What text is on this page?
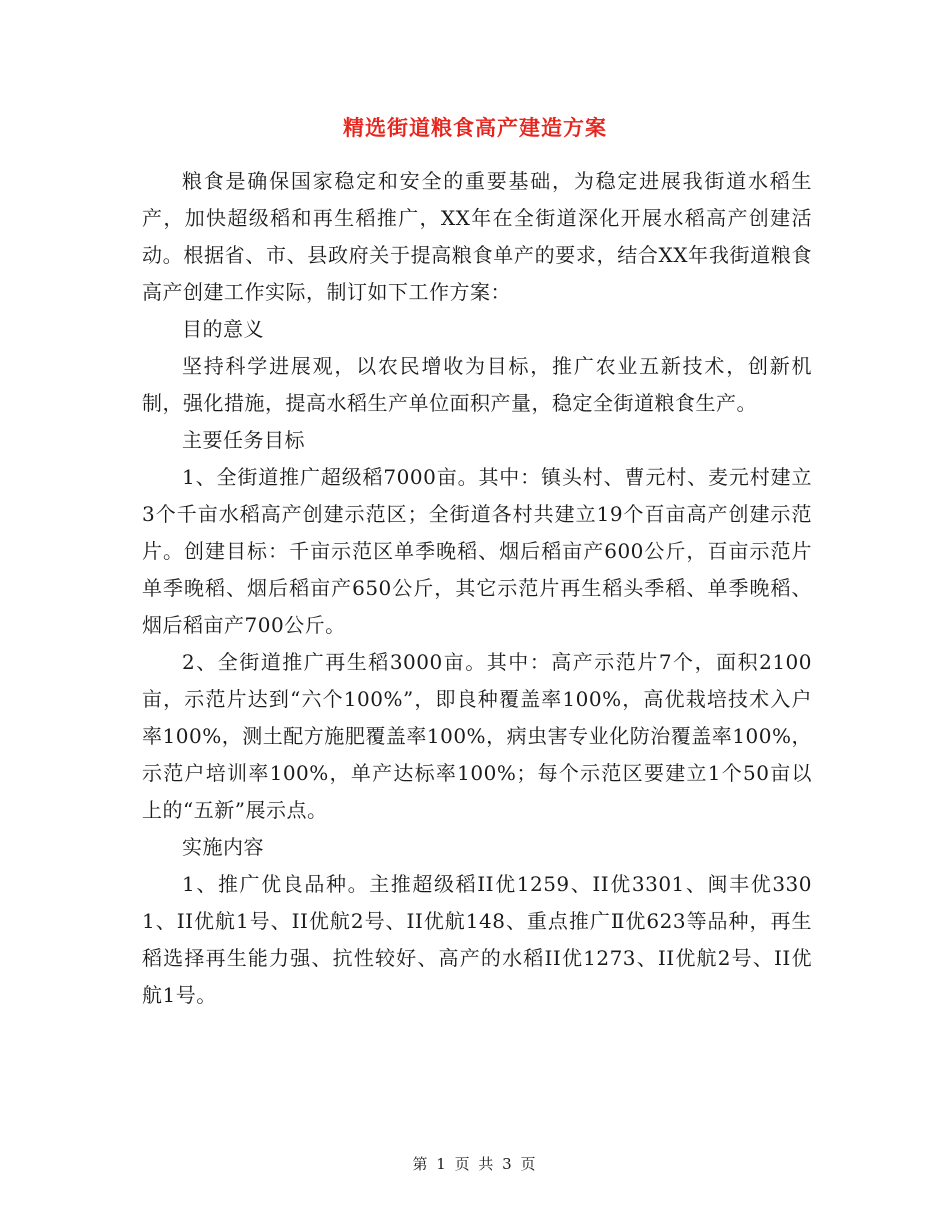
精选街道粮食高产建造方案

粮食是确保国家稳定和安全的重要基础，为稳定进展我街道水稻生产，加快超级稻和再生稻推广，XX年在全街道深化开展水稻高产创建活动。根据省、市、县政府关于提高粮食单产的要求，结合XX年我街道粮食高产创建工作实际，制订如下工作方案：

目的意义

坚持科学进展观，以农民增收为目标，推广农业五新技术，创新机制，强化措施，提高水稻生产单位面积产量，稳定全街道粮食生产。

主要任务目标

1、全街道推广超级稻7000亩。其中：镇头村、曹元村、麦元村建立3个千亩水稻高产创建示范区；全街道各村共建立19个百亩高产创建示范片。创建目标：千亩示范区单季晚稻、烟后稻亩产600公斤，百亩示范片单季晚稻、烟后稻亩产650公斤，其它示范片再生稻头季稻、单季晚稻、烟后稻亩产700公斤。

2、全街道推广再生稻3000亩。其中：高产示范片7个，面积2100亩，示范片达到“六个100%”，即良种覆盖率100%，高优栽培技术入户率100%，测土配方施肥覆盖率100%，病虫害专业化防治覆盖率100%，示范户培训率100%，单产达标率100%；每个示范区要建立1个50亩以上的“五新”展示点。

实施内容

1、推广优良品种。主推超级稻II优1259、II优3301、闽丰优3301、II优航1号、II优航2号、II优航148、重点推广Ⅱ优623等品种，再生稻选择再生能力强、抗性较好、高产的水稻II优1273、II优航2号、II优航1号。

第 1 页 共 3 页
